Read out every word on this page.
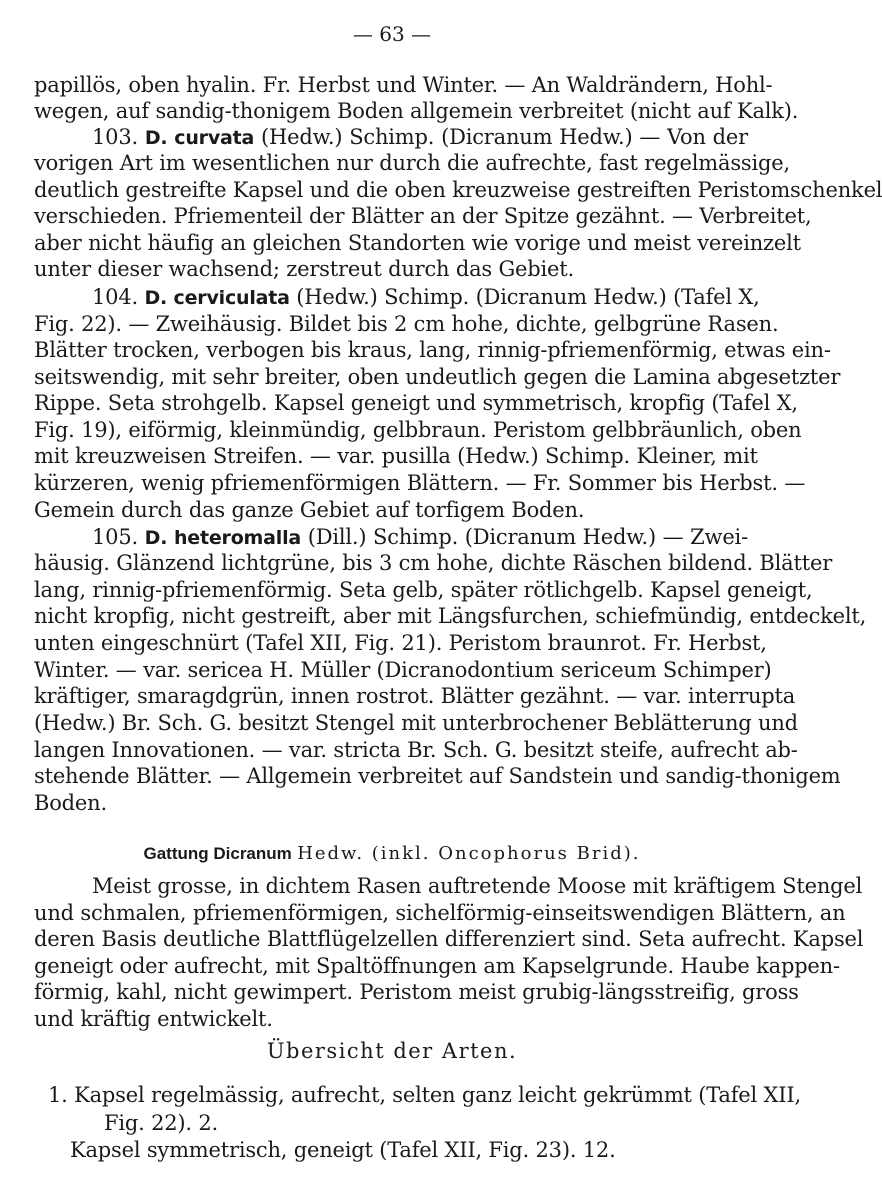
— 63 —
papillös, oben hyalin. Fr. Herbst und Winter. — An Waldrändern, Hohl-
wegen, auf sandig-thonigem Boden allgemein verbreitet (nicht auf Kalk).
103. D. curvata (Hedw.) Schimp. (Dicranum Hedw.) — Von der
vorigen Art im wesentlichen nur durch die aufrechte, fast regelmässige,
deutlich gestreifte Kapsel und die oben kreuzweise gestreiften Peristomschenkel
verschieden. Pfriementeil der Blätter an der Spitze gezähnt. — Verbreitet,
aber nicht häufig an gleichen Standorten wie vorige und meist vereinzelt
unter dieser wachsend; zerstreut durch das Gebiet.
104. D. cerviculata (Hedw.) Schimp. (Dicranum Hedw.) (Tafel X,
Fig. 22). — Zweihäusig. Bildet bis 2 cm hohe, dichte, gelbgrüne Rasen.
Blätter trocken, verbogen bis kraus, lang, rinnig-pfriemenförmig, etwas ein-
seitswendig, mit sehr breiter, oben undeutlich gegen die Lamina abgesetzter
Rippe. Seta strohgelb. Kapsel geneigt und symmetrisch, kropfig (Tafel X,
Fig. 19), eiförmig, kleinmündig, gelbbraun. Peristom gelbbräunlich, oben
mit kreuzweisen Streifen. — var. pusilla (Hedw.) Schimp. Kleiner, mit
kürzeren, wenig pfriemenförmigen Blättern. — Fr. Sommer bis Herbst. —
Gemein durch das ganze Gebiet auf torfigem Boden.
105. D. heteromalla (Dill.) Schimp. (Dicranum Hedw.) — Zwei-
häusig. Glänzend lichtgrüne, bis 3 cm hohe, dichte Räschen bildend. Blätter
lang, rinnig-pfriemenförmig. Seta gelb, später rötlichgelb. Kapsel geneigt,
nicht kropfig, nicht gestreift, aber mit Längsfurchen, schiefmündig, entdeckelt,
unten eingeschnürt (Tafel XII, Fig. 21). Peristom braunrot. Fr. Herbst,
Winter. — var. sericea H. Müller (Dicranodontium sericeum Schimper)
kräftiger, smaragdgrün, innen rostrot. Blätter gezähnt. — var. interrupta
(Hedw.) Br. Sch. G. besitzt Stengel mit unterbrochener Beblätterung und
langen Innovationen. — var. stricta Br. Sch. G. besitzt steife, aufrecht ab-
stehende Blätter. — Allgemein verbreitet auf Sandstein und sandig-thonigem
Boden.
Gattung Dicranum Hedw. (inkl. Oncophorus Brid).
Meist grosse, in dichtem Rasen auftretende Moose mit kräftigem Stengel
und schmalen, pfriemenförmigen, sichelförmig-einseitswendigen Blättern, an
deren Basis deutliche Blattflügelzellen differenziert sind. Seta aufrecht. Kapsel
geneigt oder aufrecht, mit Spaltöffnungen am Kapselgrunde. Haube kappen-
förmig, kahl, nicht gewimpert. Peristom meist grubig-längsstreifig, gross
und kräftig entwickelt.
Übersicht der Arten.
1. Kapsel regelmässig, aufrecht, selten ganz leicht gekrümmt (Tafel XII,
Fig. 22). 2.
Kapsel symmetrisch, geneigt (Tafel XII, Fig. 23). 12.
